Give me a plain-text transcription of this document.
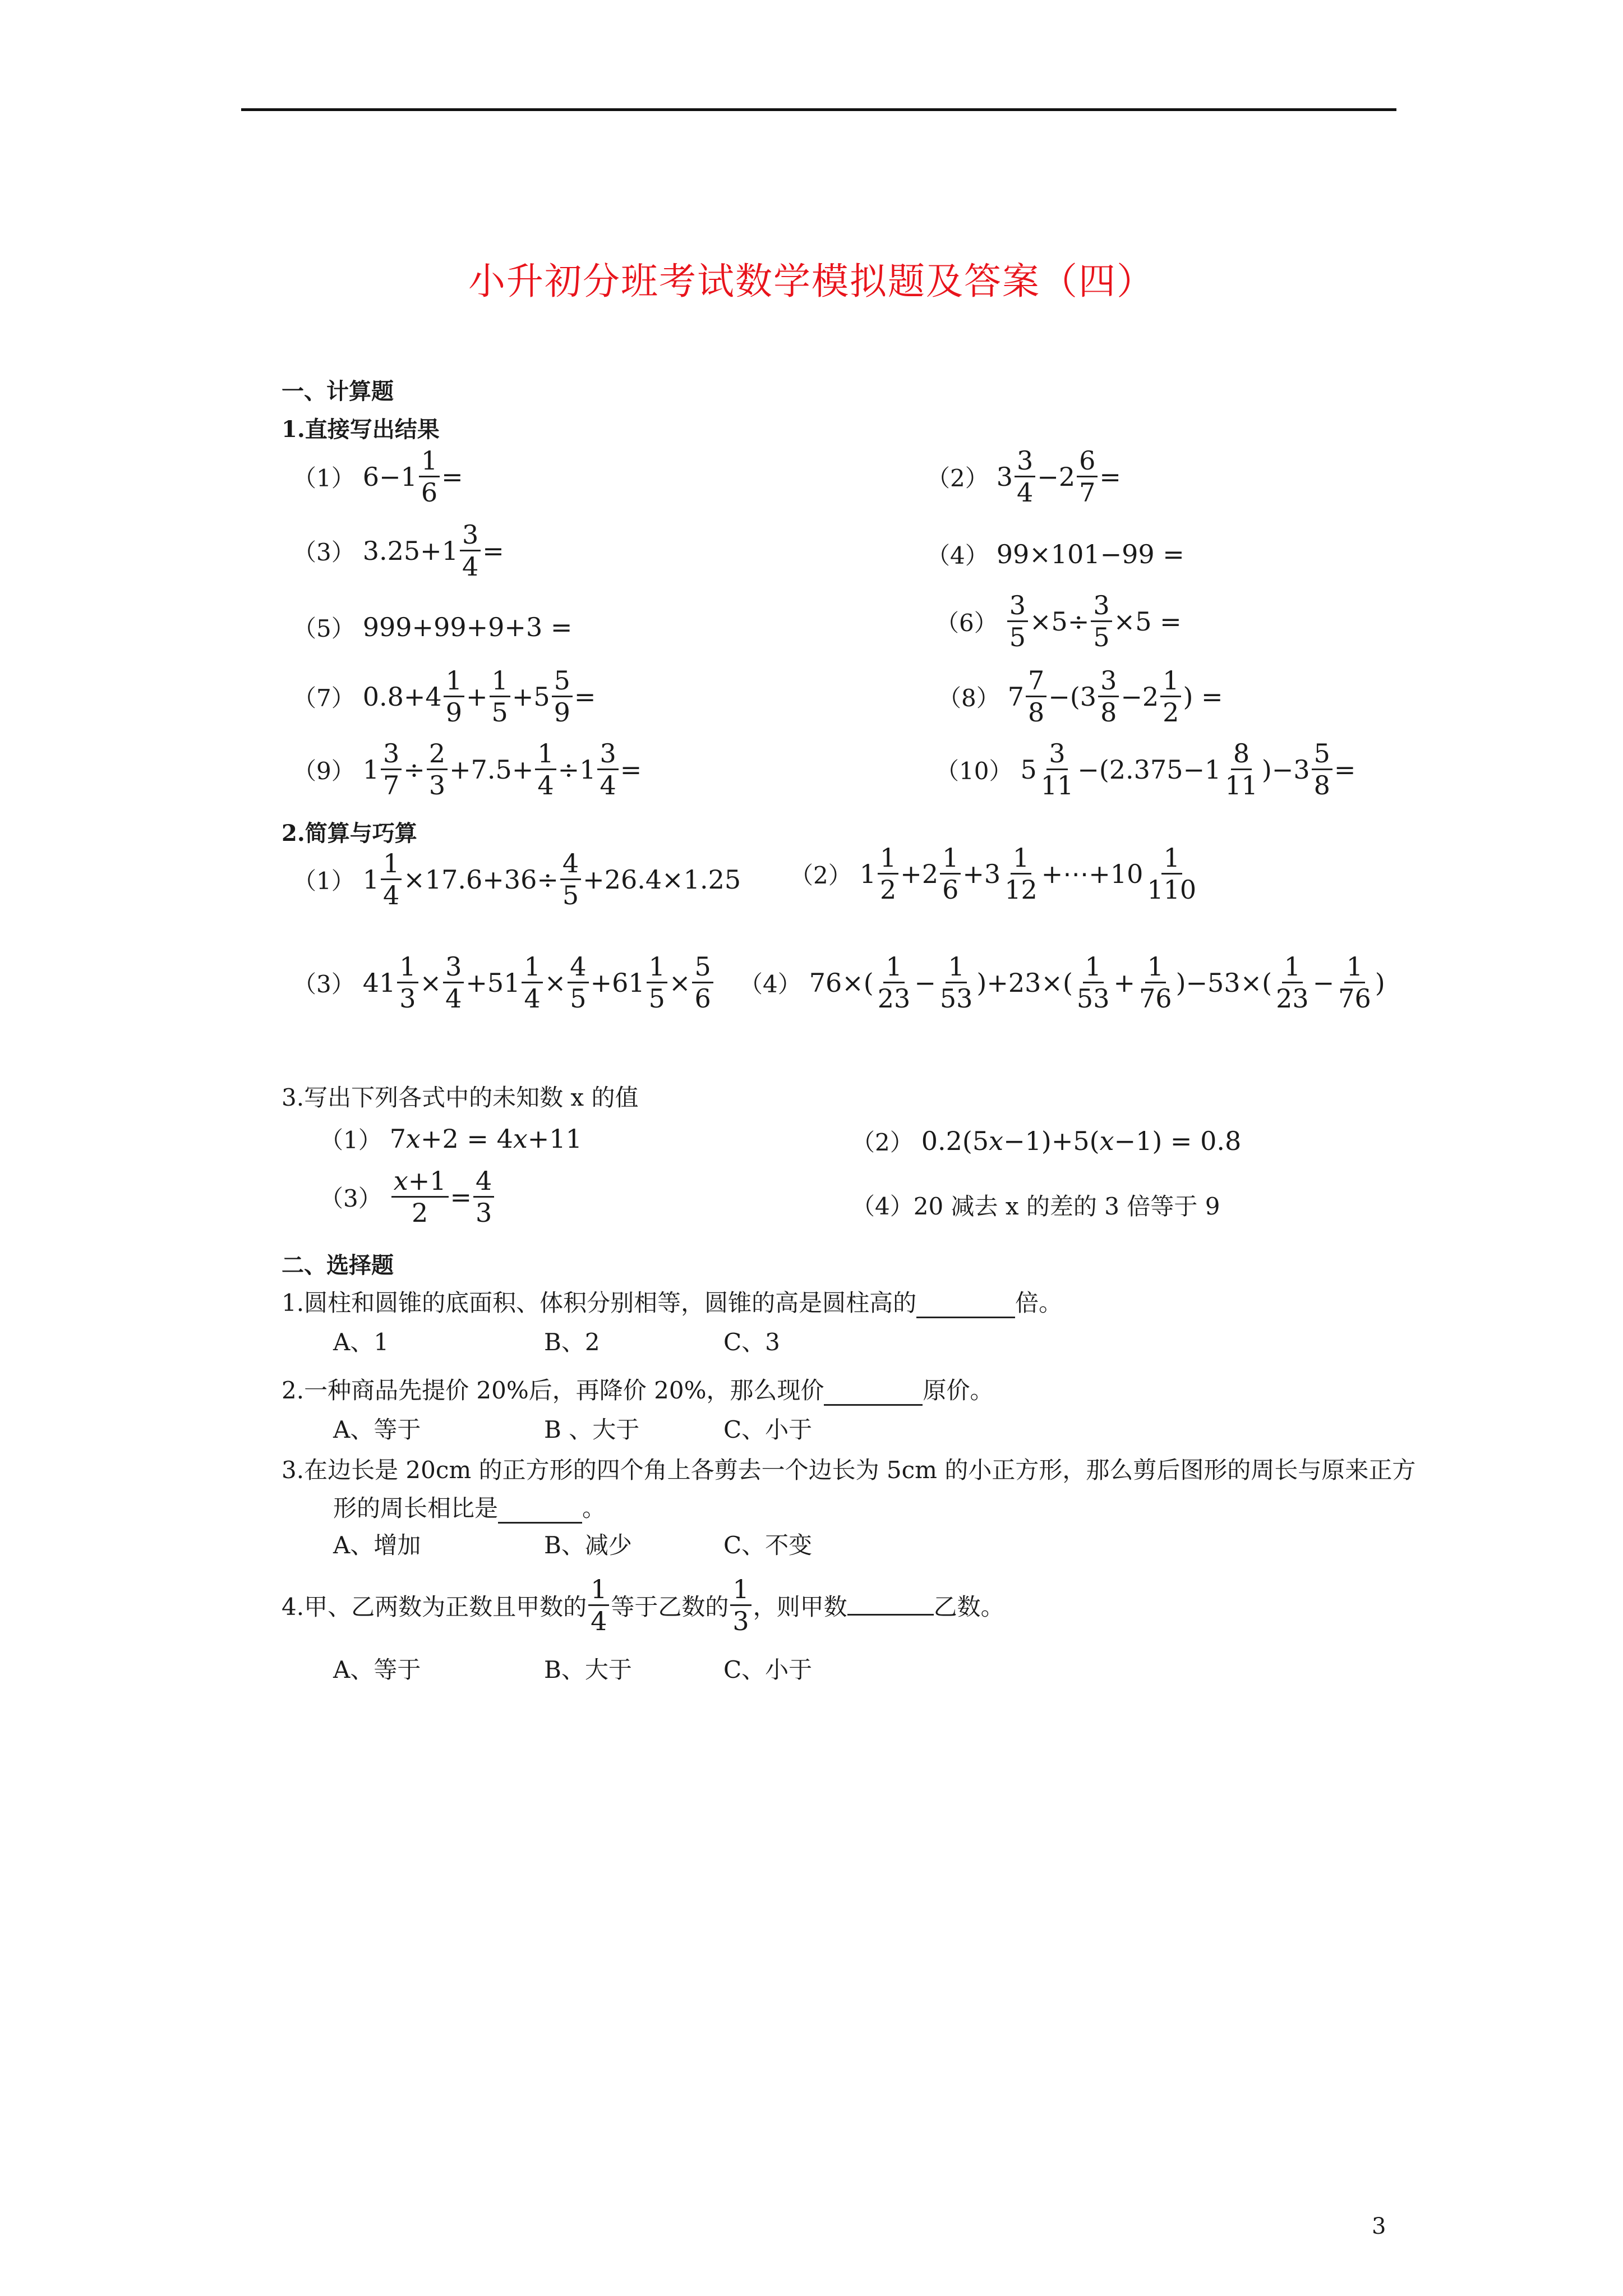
小升初分班考试数学模拟题及答案（四）
一、计算题
1.直接写出结果
（1） $6-1 \frac{1}{6}$ =	（2） $3 \frac{3}{4} -2 \frac{6}{7}$ =
（3） $3.25+1 \frac{3}{4}$ =	（4） 99×101−99 =
（5） 999+99+9+3 =	$(6) \frac{3}{5} \times 5\div \frac{3}{5} \times 5$ =
（7） $0.8+4 \frac{1}{9} + \frac{1}{5} +5 \frac{5}{9}$ =	（8） $7 \frac{7}{8} -(3 \frac{3}{8} -2 \frac{1}{2}$ ) =
（9） $1 \frac{3}{7} \div \frac{2}{3} +7.5+ \frac{1}{4} \div 1 \frac{3}{4}$ =	（10） $5 \frac{3}{11} -(2.375-1 \frac{8}{11} )-3 \frac{5}{8}$ =
2.简算与巧算
（1） $1 \frac{1}{4} \times 17.6+36\div \frac{4}{5} +26.4\times 1.25$ （2） $1 \frac{1}{2} +2 \frac{1}{6} +3 \frac{1}{12}$ +⋯+10 $\frac{1}{110}$
（3） $41 \frac{1}{3} \times \frac{3}{4} +51 \frac{1}{4} \times \frac{4}{5} +61 \frac{1}{5} \times \frac{5}{6} (4)$ $76\times( \frac{1}{23} - \frac{1}{53} )+23\times( \frac{1}{53} + \frac{1}{76} )-53\times( \frac{1}{23} - \frac{1}{76}$ )
3.写出下列各式中的未知数 x 的值
（1） 7x+2 = 4x+11	（2） 0.2(5x−1)+5(x−1) = 0.8
$(3) \frac{x+1}{2} = \frac{4}{3}$	（4） 20 减去 x 的差的 3 倍等于 9
二、选择题
1.圆柱和圆锥的底面积、体积分别相等，圆锥的高是圆柱高的	倍。
A、1	B、2	C、3
2.一种商品先提价 20%后，再降价 20%，那么现价	原价。
A、等于	B 、大于	C、小于
3.在边长是 20cm 的正方形的四个角上各剪去一个边长为 5cm 的小正方形，那么剪后图形的周长与原来正方
形的周长相比是	。
A、增加	B、减少	C、不变
4.甲、乙两数为正数且甲数的 $\frac{1}{4}$ 等于乙数的 $\frac{1}{3}$ ，则甲数	乙数。
A、等于	B、大于	C、小于
3
